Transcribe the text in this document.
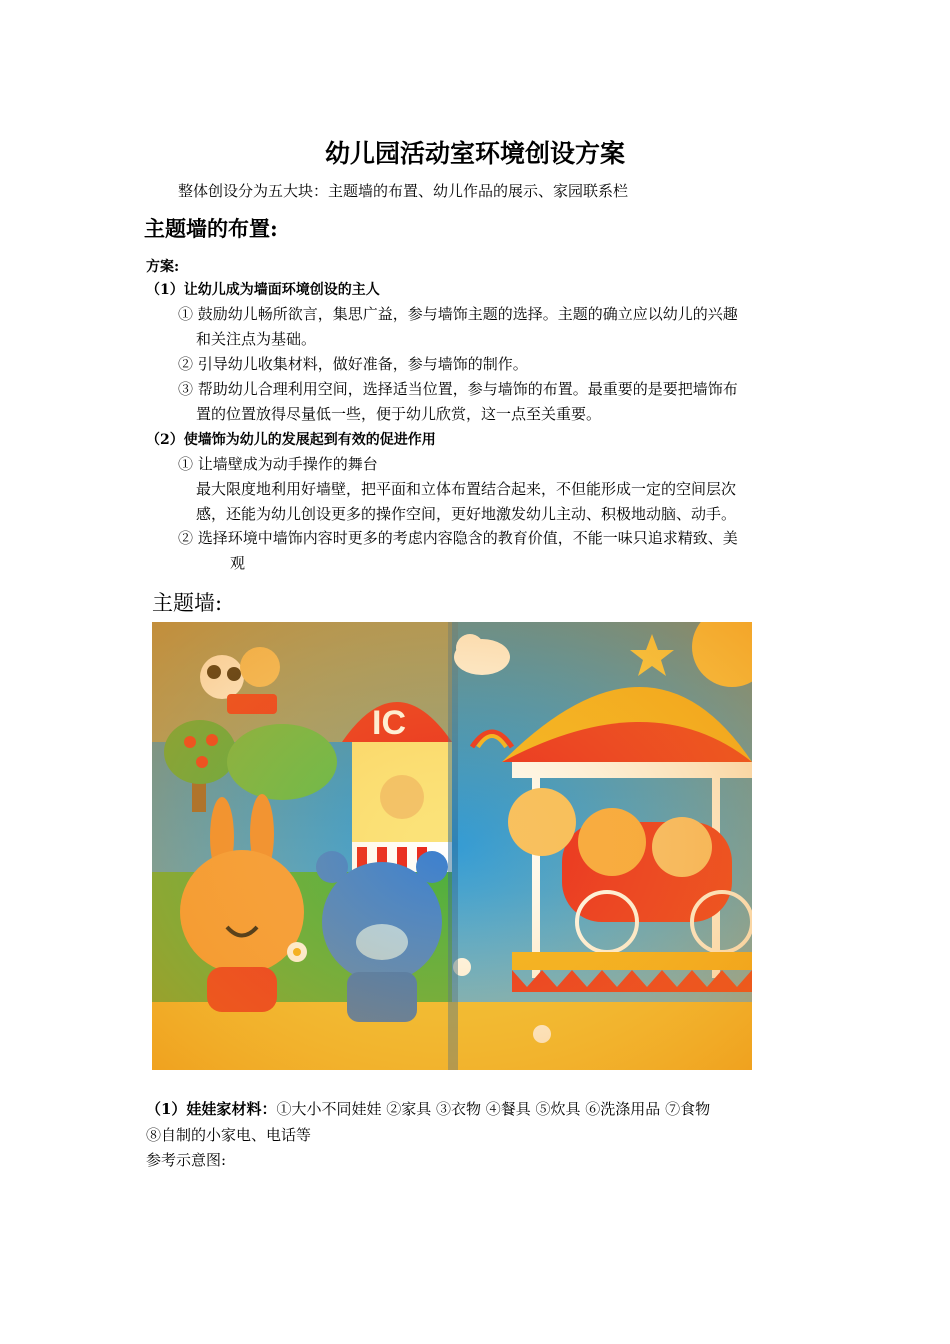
幼儿园活动室环境创设方案
整体创设分为五大块：主题墙的布置、幼儿作品的展示、家园联系栏
主题墙的布置:
方案:
（1）让幼儿成为墙面环境创设的主人
① 鼓励幼儿畅所欲言，集思广益，参与墙饰主题的选择。主题的确立应以幼儿的兴趣
和关注点为基础。
② 引导幼儿收集材料，做好准备，参与墙饰的制作。
③ 帮助幼儿合理利用空间，选择适当位置，参与墙饰的布置。最重要的是要把墙饰布
置的位置放得尽量低一些，便于幼儿欣赏，这一点至关重要。
（2）使墙饰为幼儿的发展起到有效的促进作用
① 让墙壁成为动手操作的舞台
最大限度地利用好墙壁，把平面和立体布置结合起来，不但能形成一定的空间层次
感，还能为幼儿创设更多的操作空间，更好地激发幼儿主动、积极地动脑、动手。
② 选择环境中墙饰内容时更多的考虑内容隐含的教育价值，不能一味只追求精致、美
观
主题墙:
（1）娃娃家材料：①大小不同娃娃 ②家具 ③衣物 ④餐具 ⑤炊具 ⑥洗涤用品 ⑦食物
⑧自制的小家电、电话等
参考示意图:
